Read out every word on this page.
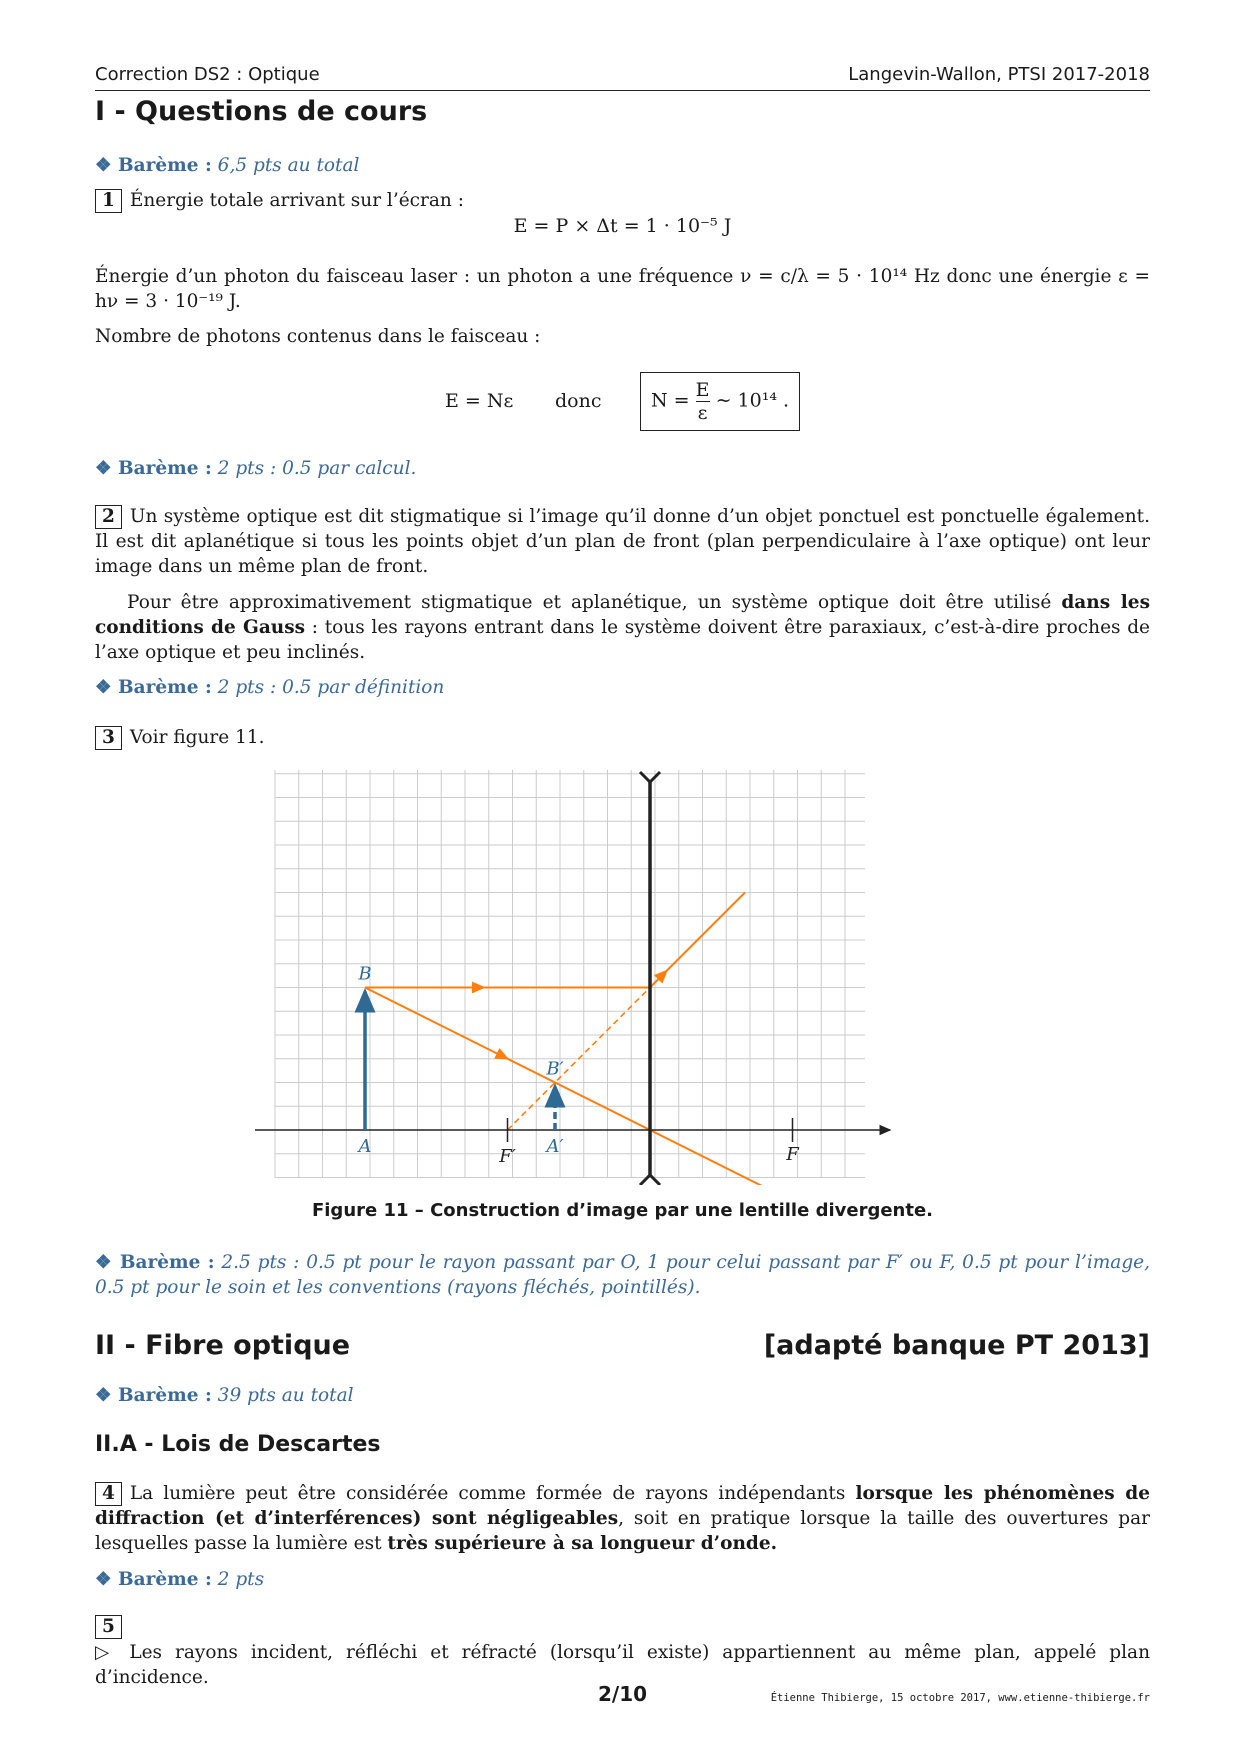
Correction DS2 : Optique	Langevin-Wallon, PTSI 2017-2018
I - Questions de cours
❖ Barème : 6,5 pts au total
1 Énergie totale arrivant sur l’écran :
E = P × Δt = 1 · 10⁻⁵ J
Énergie d’un photon du faisceau laser : un photon a une fréquence ν = c/λ = 5 · 10¹⁴ Hz donc une énergie ε = hν = 3 · 10⁻¹⁹ J.
Nombre de photons contenus dans le faisceau :
E = Nε donc	$N = \frac{E}{\varepsilon}$ ∼ 10¹⁴ .
❖ Barème : 2 pts : 0.5 par calcul.
2 Un système optique est dit stigmatique si l’image qu’il donne d’un objet ponctuel est ponctuelle également. Il est dit aplanétique si tous les points objet d’un plan de front (plan perpendiculaire à l’axe optique) ont leur image dans un même plan de front.
Pour être approximativement stigmatique et aplanétique, un système optique doit être utilisé dans les conditions de Gauss : tous les rayons entrant dans le système doivent être paraxiaux, c’est-à-dire proches de l’axe optique et peu inclinés.
❖ Barème : 2 pts : 0.5 par définition
3 Voir figure 11.
B
A
B′
A′
F′	F
Figure 11 – Construction d’image par une lentille divergente.
❖ Barème : 2.5 pts : 0.5 pt pour le rayon passant par O, 1 pour celui passant par F′ ou F, 0.5 pt pour l’image, 0.5 pt pour le soin et les conventions (rayons fléchés, pointillés).
II - Fibre optique	[adapté banque PT 2013]
❖ Barème : 39 pts au total
II.A - Lois de Descartes
4 La lumière peut être considérée comme formée de rayons indépendants lorsque les phénomènes de diffraction (et d’interférences) sont négligeables, soit en pratique lorsque la taille des ouvertures par lesquelles passe la lumière est très supérieure à sa longueur d’onde.
❖ Barème : 2 pts
5
▷ Les rayons incident, réfléchi et réfracté (lorsqu’il existe) appartiennent au même plan, appelé plan d’incidence.
2/10	Étienne Thibierge, 15 octobre 2017, www.etienne-thibierge.fr
